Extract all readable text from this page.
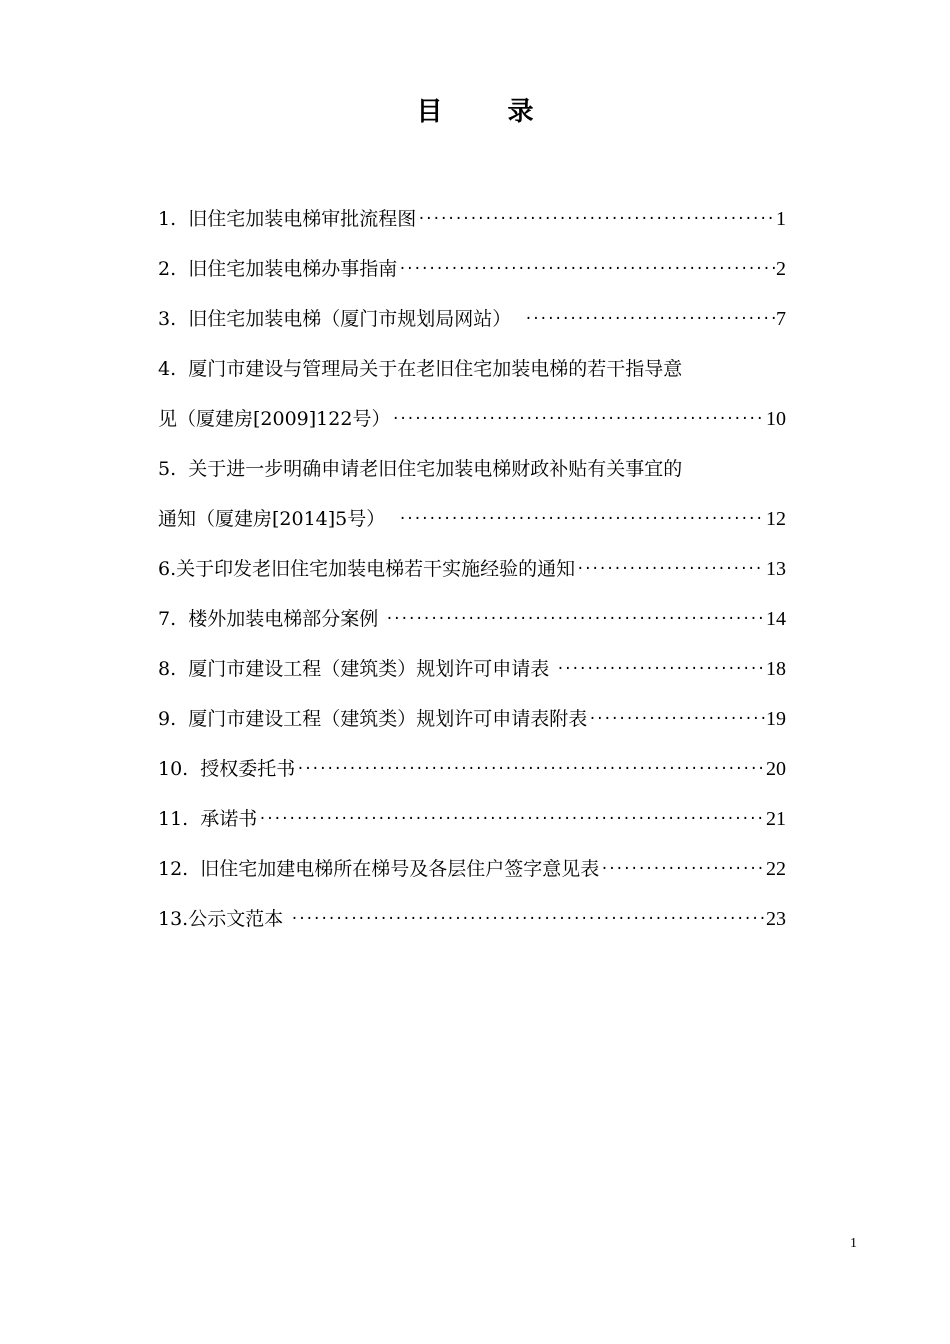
目 录
1.  旧住宅加装电梯审批流程图 ·····	1
2.  旧住宅加装电梯办事指南 ·····	2
3.  旧住宅加装电梯（厦门市规划局网站） ·····	7
4.  厦门市建设与管理局关于在老旧住宅加装电梯的若干指导意
见（厦建房[2009]122号） ·····	10
5.  关于进一步明确申请老旧住宅加装电梯财政补贴有关事宜的
通知（厦建房[2014]5号） ·····	12
6.关于印发老旧住宅加装电梯若干实施经验的通知 ·····	13
7.  楼外加装电梯部分案例 ·····	14
8.  厦门市建设工程（建筑类）规划许可申请表 ·····	18
9.  厦门市建设工程（建筑类）规划许可申请表附表 ·····	19
10.  授权委托书 ·····	20
11.  承诺书 ·····	21
12.  旧住宅加建电梯所在梯号及各层住户签字意见表 ·····	22
13.公示文范本 ·····	23
1
